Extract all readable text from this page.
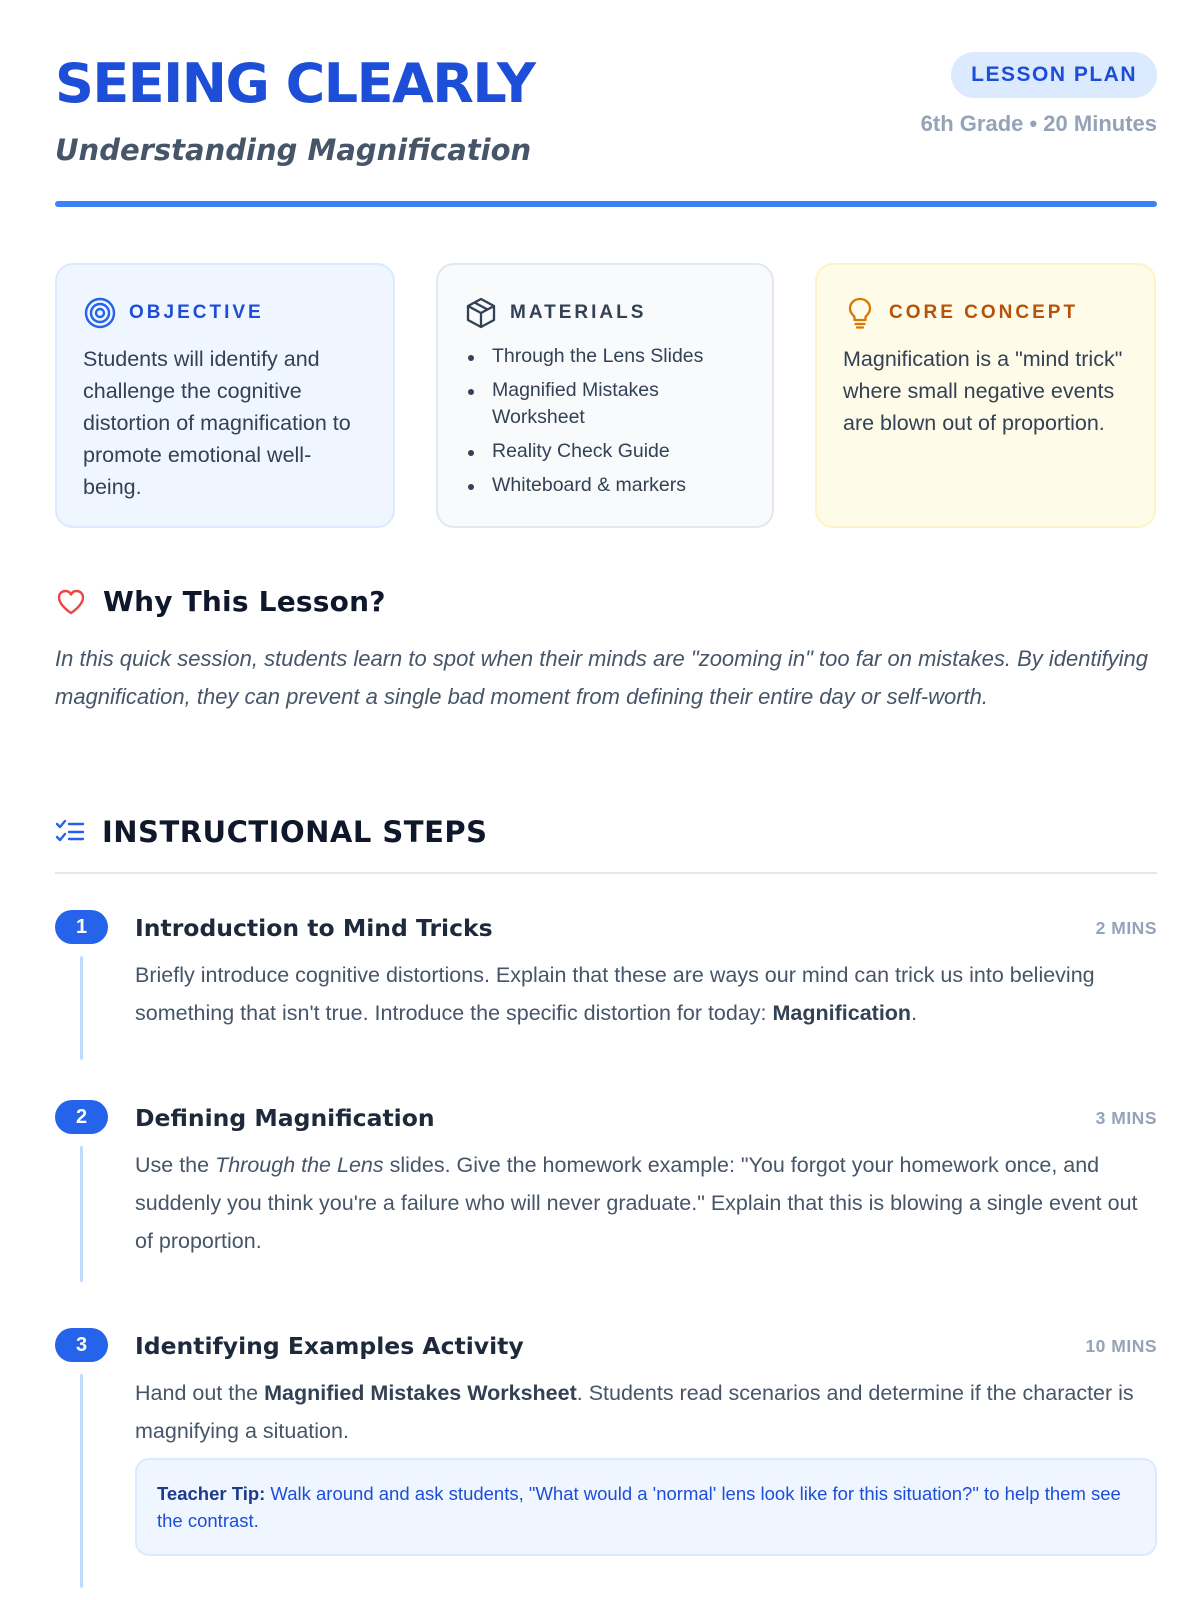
SEEING CLEARLY
Understanding Magnification
LESSON PLAN
6th Grade • 20 Minutes
OBJECTIVE

Students will identify and challenge the cognitive distortion of magnification to promote emotional well-being.

MATERIALS
Through the Lens Slides
Magnified Mistakes Worksheet
Reality Check Guide
Whiteboard & markers
CORE CONCEPT

Magnification is a "mind trick" where small negative events are blown out of proportion.

Why This Lesson?

In this quick session, students learn to spot when their minds are "zooming in" too far on mistakes. By identifying magnification, they can prevent a single bad moment from defining their entire day or self-worth.

INSTRUCTIONAL STEPS
1	Introduction to Mind Tricks	2 MINS

Briefly introduce cognitive distortions. Explain that these are ways our mind can trick us into believing something that isn't true. Introduce the specific distortion for today: Magnification.

2	Defining Magnification	3 MINS

Use the Through the Lens slides. Give the homework example: "You forgot your homework once, and suddenly you think you're a failure who will never graduate." Explain that this is blowing a single event out of proportion.

3	Identifying Examples Activity	10 MINS

Hand out the Magnified Mistakes Worksheet. Students read scenarios and determine if the character is magnifying a situation.

Teacher Tip: Walk around and ask students, "What would a 'normal' lens look like for this situation?" to help them see the contrast.
